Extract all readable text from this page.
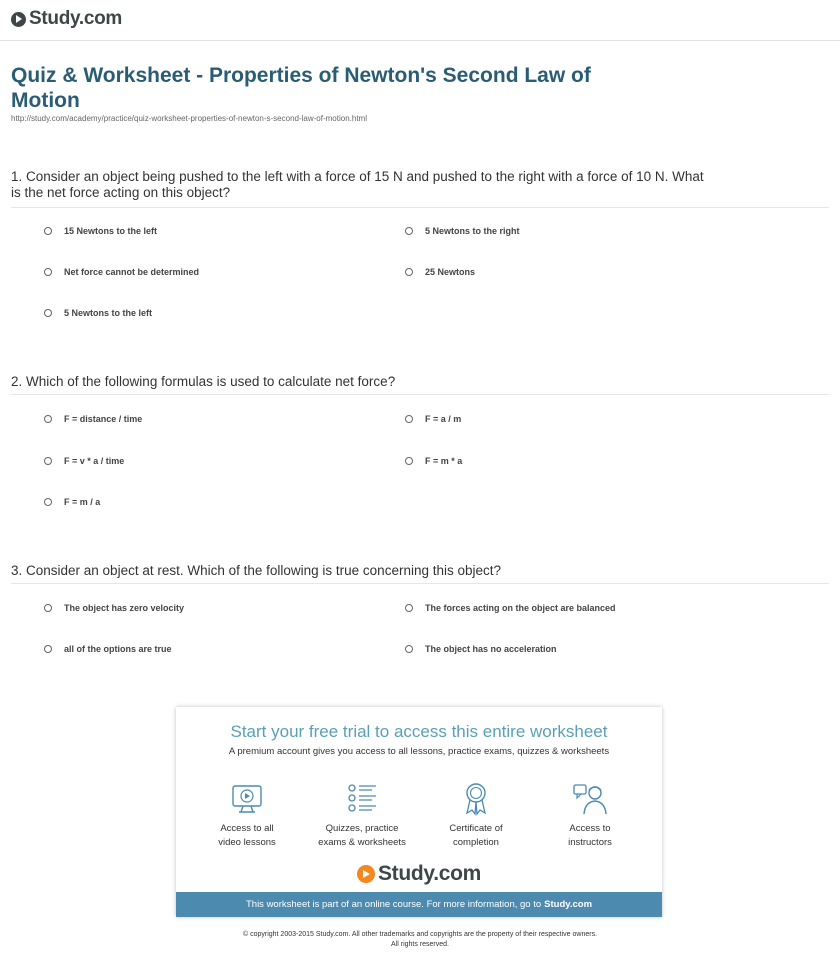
Study.com
Quiz & Worksheet - Properties of Newton's Second Law of Motion
http://study.com/academy/practice/quiz-worksheet-properties-of-newton-s-second-law-of-motion.html

1. Consider an object being pushed to the left with a force of 15 N and pushed to the right with a force of 10 N. What is the net force acting on this object?

15 Newtons to the left	5 Newtons to the right
Net force cannot be determined	25 Newtons
5 Newtons to the left

2. Which of the following formulas is used to calculate net force?

F = distance / time	F = a / m
F = v * a / time	F = m * a
F = m / a

3. Consider an object at rest. Which of the following is true concerning this object?

The object has zero velocity	The forces acting on the object are balanced
all of the options are true	The object has no acceleration
Start your free trial to access this entire worksheet
A premium account gives you access to all lessons, practice exams, quizzes & worksheets
Access to all
video lessons
Quizzes, practice
exams & worksheets
Certificate of
completion
Access to
instructors
Study.com
This worksheet is part of an online course. For more information, go to Study.com
© copyright 2003-2015 Study.com. All other trademarks and copyrights are the property of their respective owners.
All rights reserved.
